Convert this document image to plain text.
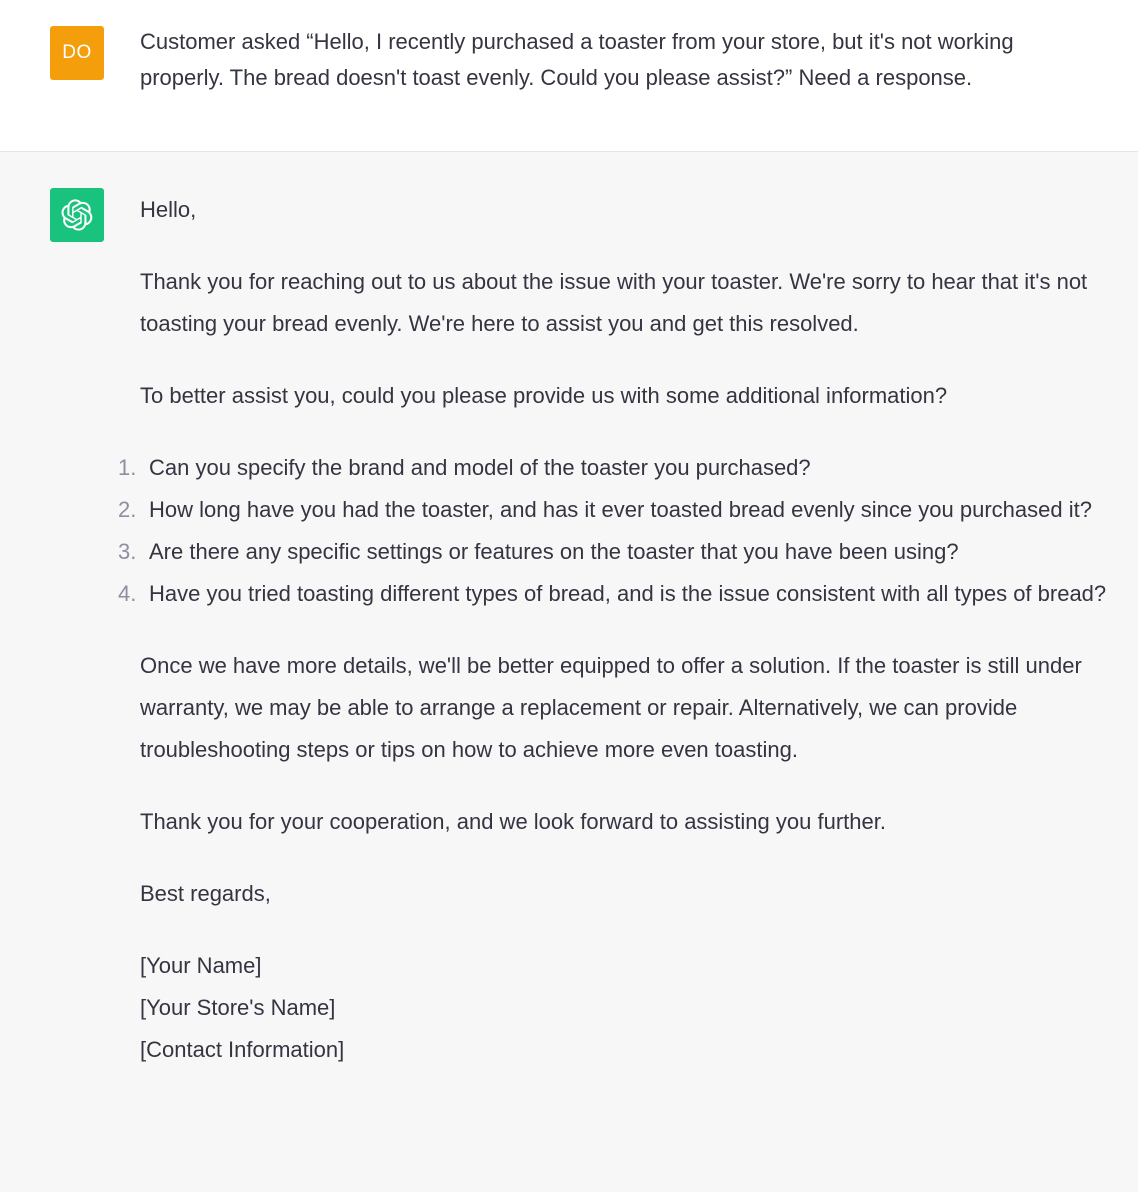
DO Customer asked “Hello, I recently purchased a toaster from your store, but it's not working properly. The bread doesn't toast evenly. Could you please assist?” Need a response.

Hello,

Thank you for reaching out to us about the issue with your toaster. We're sorry to hear that it's not toasting your bread evenly. We're here to assist you and get this resolved.

To better assist you, could you please provide us with some additional information?

1. Can you specify the brand and model of the toaster you purchased?
2. How long have you had the toaster, and has it ever toasted bread evenly since you purchased it?
3. Are there any specific settings or features on the toaster that you have been using?
4. Have you tried toasting different types of bread, and is the issue consistent with all types of bread?

Once we have more details, we'll be better equipped to offer a solution. If the toaster is still under warranty, we may be able to arrange a replacement or repair. Alternatively, we can provide troubleshooting steps or tips on how to achieve more even toasting.

Thank you for your cooperation, and we look forward to assisting you further.

Best regards,

[Your Name]
[Your Store's Name]
[Contact Information]
